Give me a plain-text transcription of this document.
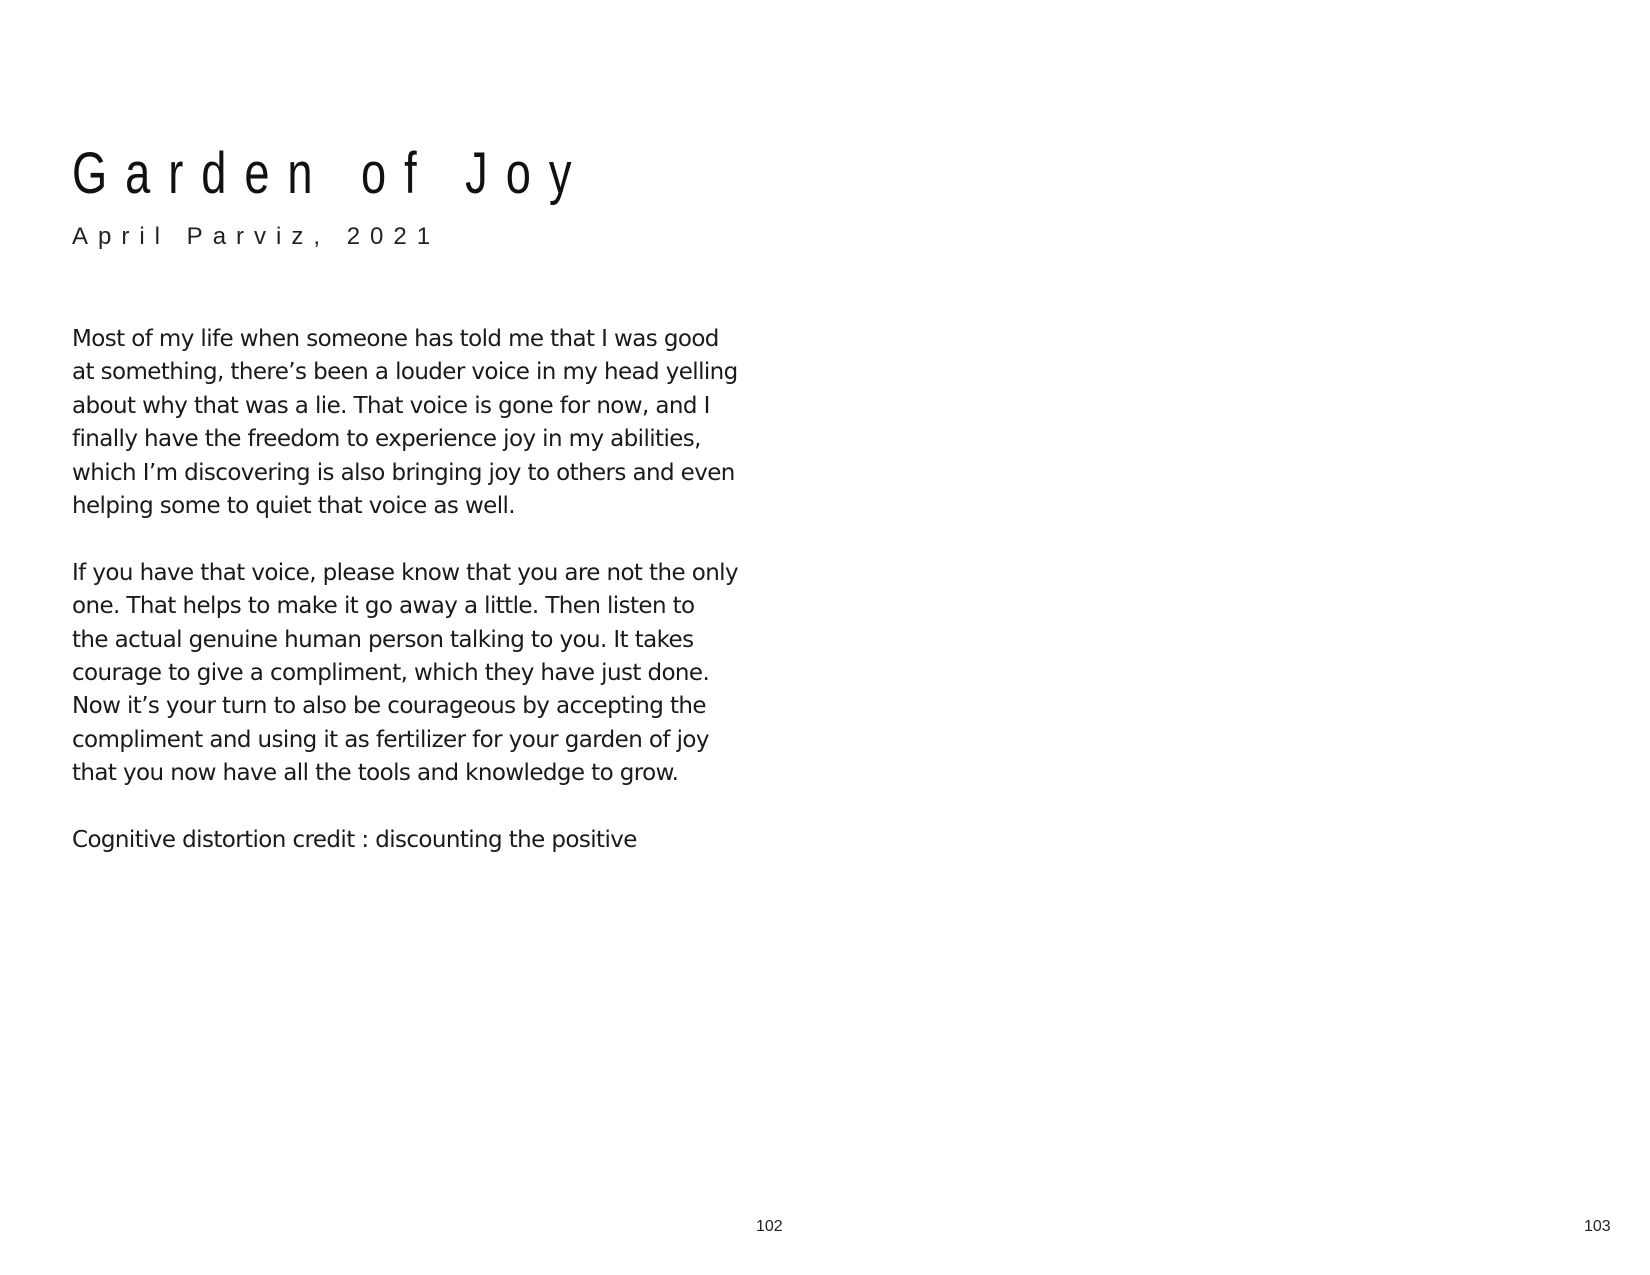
Garden of Joy

April Parviz, 2021

Most of my life when someone has told me that I was good
at something, there’s been a louder voice in my head yelling
about why that was a lie. That voice is gone for now, and I
finally have the freedom to experience joy in my abilities,
which I’m discovering is also bringing joy to others and even
helping some to quiet that voice as well.
If you have that voice, please know that you are not the only
one. That helps to make it go away a little. Then listen to
the actual genuine human person talking to you. It takes
courage to give a compliment, which they have just done.
Now it’s your turn to also be courageous by accepting the
compliment and using it as fertilizer for your garden of joy
that you now have all the tools and knowledge to grow.
Cognitive distortion credit : discounting the positive
102	103
